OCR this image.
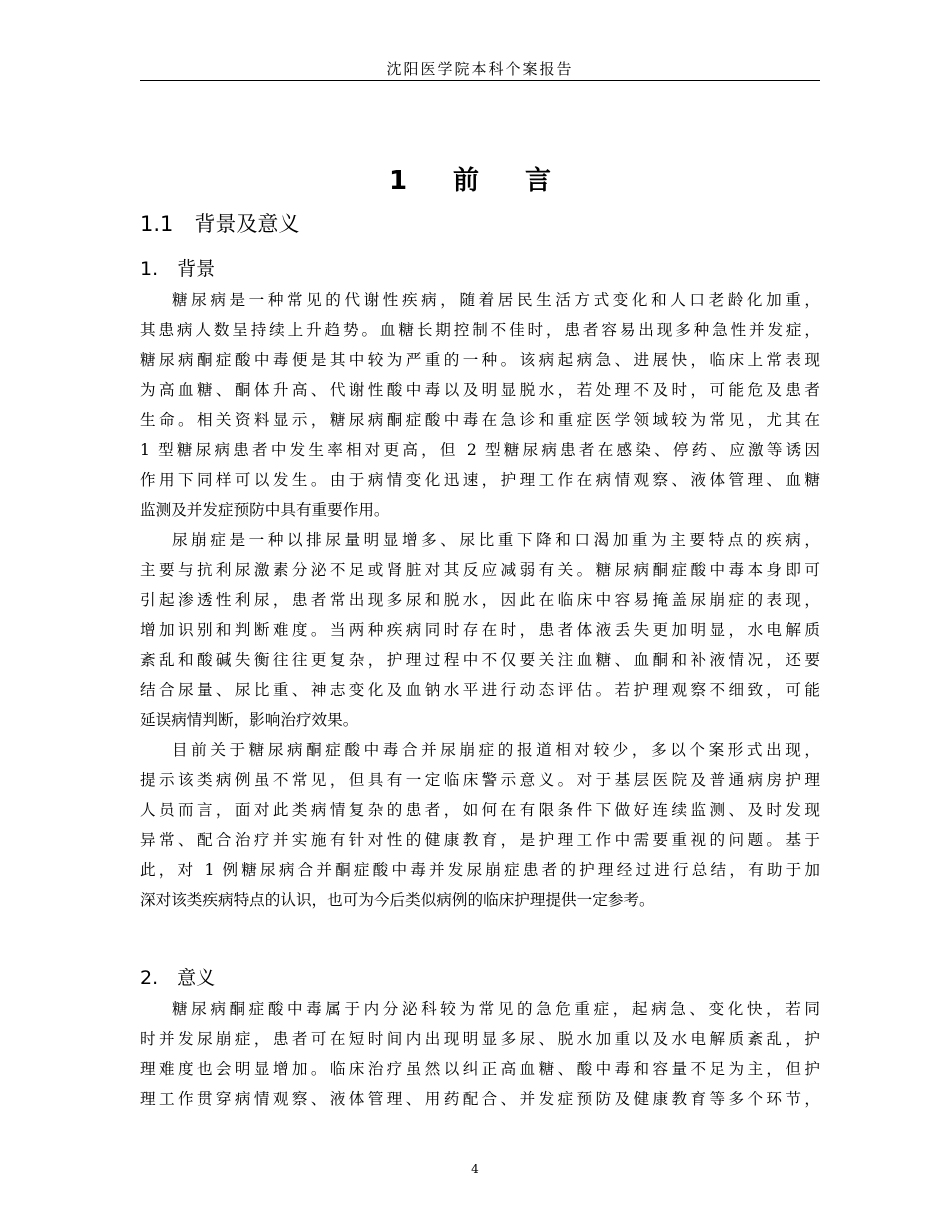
沈阳医学院本科个案报告
1　前　言
1.1　背景及意义
1.　背景
糖尿病是一种常见的代谢性疾病，随着居民生活方式变化和人口老龄化加重，
其患病人数呈持续上升趋势。血糖长期控制不佳时，患者容易出现多种急性并发症，
糖尿病酮症酸中毒便是其中较为严重的一种。该病起病急、进展快，临床上常表现
为高血糖、酮体升高、代谢性酸中毒以及明显脱水，若处理不及时，可能危及患者
生命。相关资料显示，糖尿病酮症酸中毒在急诊和重症医学领域较为常见，尤其在
1 型糖尿病患者中发生率相对更高，但 2 型糖尿病患者在感染、停药、应激等诱因
作用下同样可以发生。由于病情变化迅速，护理工作在病情观察、液体管理、血糖
监测及并发症预防中具有重要作用。
尿崩症是一种以排尿量明显增多、尿比重下降和口渴加重为主要特点的疾病，
主要与抗利尿激素分泌不足或肾脏对其反应减弱有关。糖尿病酮症酸中毒本身即可
引起渗透性利尿，患者常出现多尿和脱水，因此在临床中容易掩盖尿崩症的表现，
增加识别和判断难度。当两种疾病同时存在时，患者体液丢失更加明显，水电解质
紊乱和酸碱失衡往往更复杂，护理过程中不仅要关注血糖、血酮和补液情况，还要
结合尿量、尿比重、神志变化及血钠水平进行动态评估。若护理观察不细致，可能
延误病情判断，影响治疗效果。
目前关于糖尿病酮症酸中毒合并尿崩症的报道相对较少，多以个案形式出现，
提示该类病例虽不常见，但具有一定临床警示意义。对于基层医院及普通病房护理
人员而言，面对此类病情复杂的患者，如何在有限条件下做好连续监测、及时发现
异常、配合治疗并实施有针对性的健康教育，是护理工作中需要重视的问题。基于
此，对 1 例糖尿病合并酮症酸中毒并发尿崩症患者的护理经过进行总结，有助于加
深对该类疾病特点的认识，也可为今后类似病例的临床护理提供一定参考。
2.　意义
糖尿病酮症酸中毒属于内分泌科较为常见的急危重症，起病急、变化快，若同
时并发尿崩症，患者可在短时间内出现明显多尿、脱水加重以及水电解质紊乱，护
理难度也会明显增加。临床治疗虽然以纠正高血糖、酸中毒和容量不足为主，但护
理工作贯穿病情观察、液体管理、用药配合、并发症预防及健康教育等多个环节，
4
